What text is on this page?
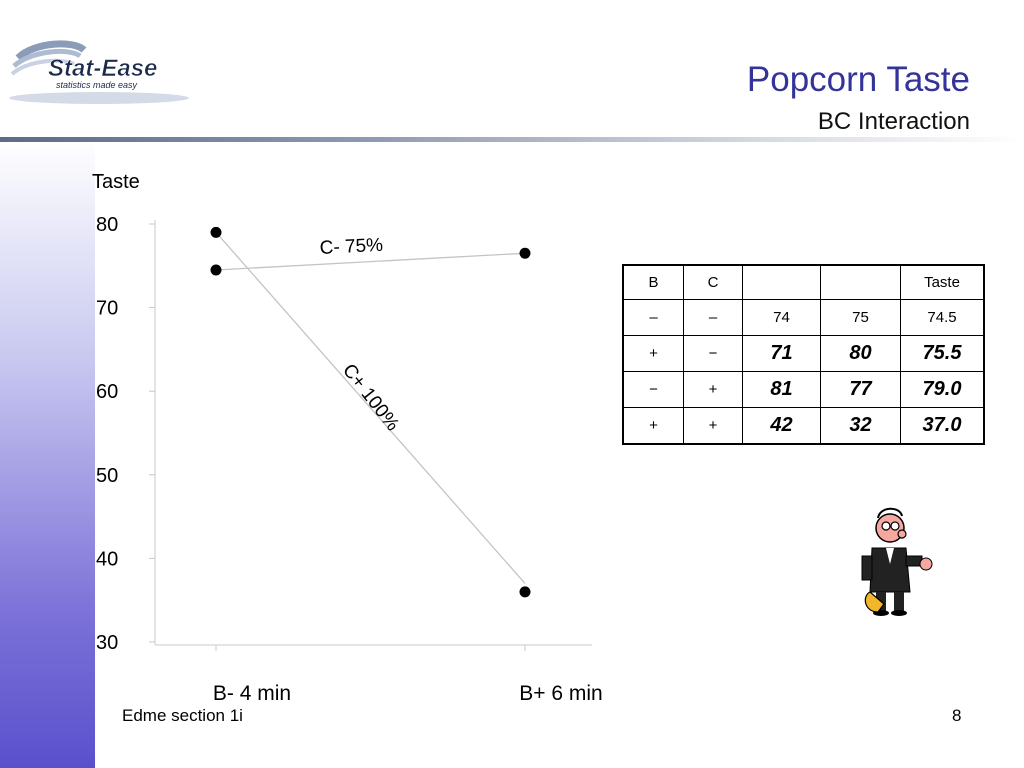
Stat-Ease
statistics made easy	Popcorn Taste
BC Interaction
Taste
80
70
60
50
40
30
B- 4 min	B+ 6 min
C- 75%
C+ 100%
B	C			Taste
–	–	74	75	74.5
+	−	71	80	75.5
−	+	81	77	79.0
+	+	42	32	37.0
Edme section 1i	8
